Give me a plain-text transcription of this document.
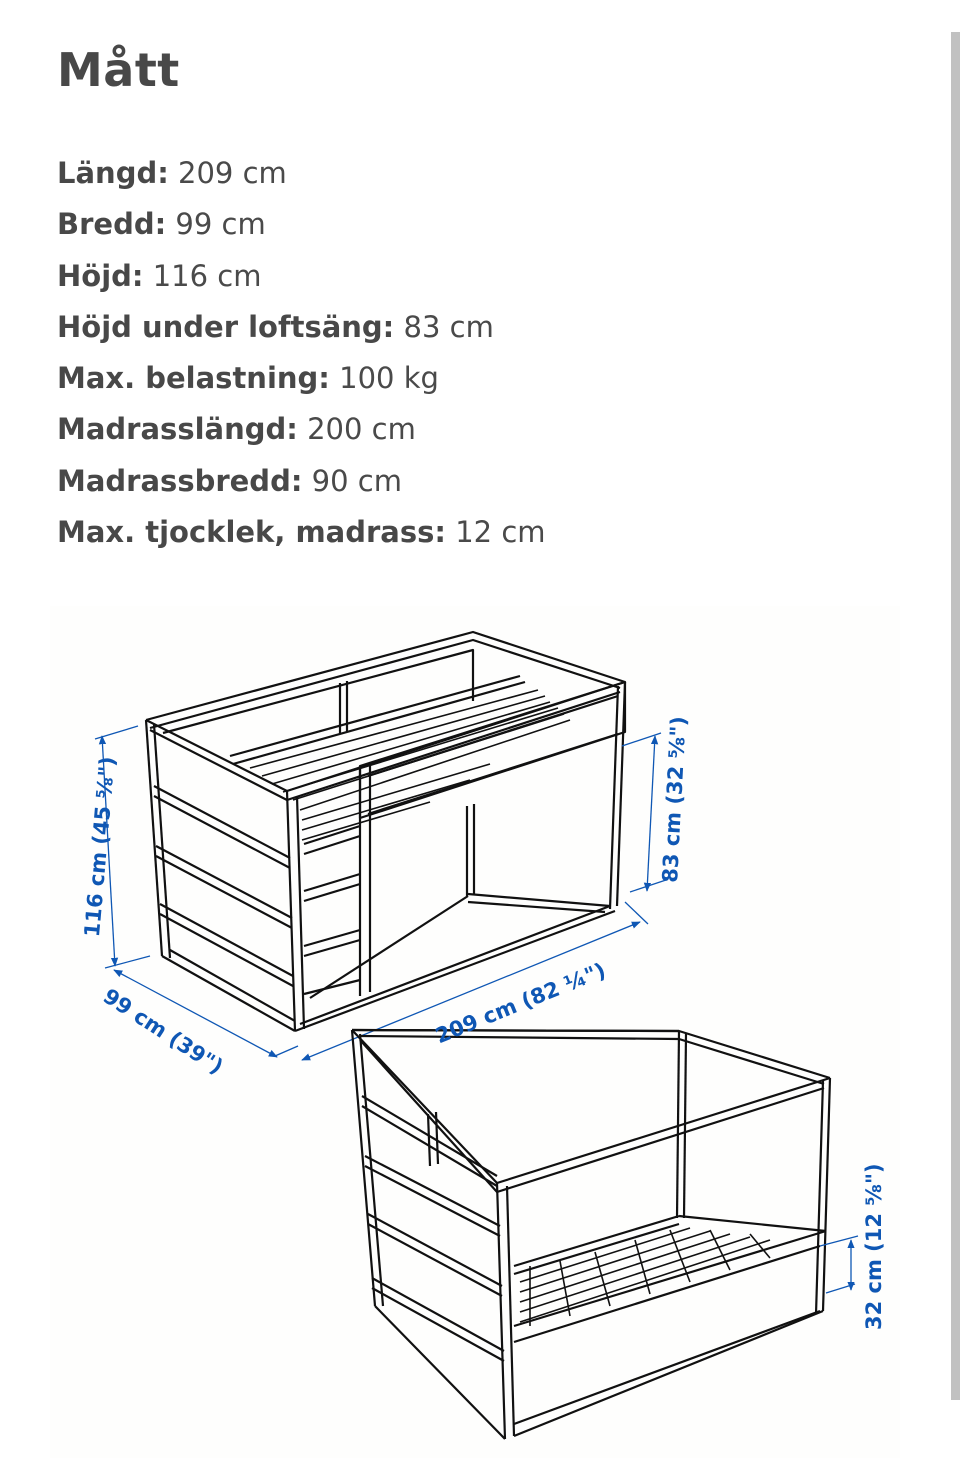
Mått
Längd: 209 cm
Bredd: 99 cm
Höjd: 116 cm
Höjd under loftsäng: 83 cm
Max. belastning: 100 kg
Madrasslängd: 200 cm
Madrassbredd: 90 cm
Max. tjocklek, madrass: 12 cm
116 cm (45 ⅝")
99 cm (39")	209 cm (82 ¼")
83 cm (32 ⅝")
32 cm (12 ⅝")
